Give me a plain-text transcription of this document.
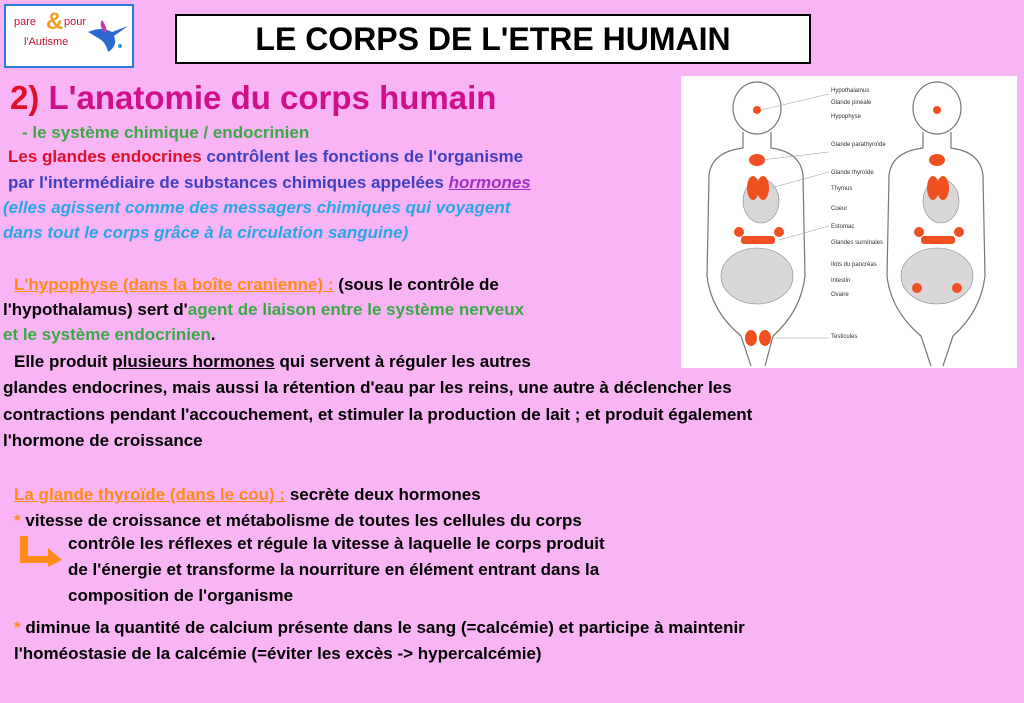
pare & pour
l'Autisme	LE CORPS DE L'ETRE HUMAIN
2) L'anatomie du corps humain
- le système chimique / endocrinien
Les glandes endocrines contrôlent les fonctions de l'organisme
par l'intermédiaire de substances chimiques appelées hormones
(elles agissent comme des messagers chimiques qui voyagent
dans tout le corps grâce à la circulation sanguine)
L'hypophyse (dans la boîte cranienne) : (sous le contrôle de
l'hypothalamus) sert d'agent de liaison entre le système nerveux
et le système endocrinien.
Elle produit plusieurs hormones qui servent à réguler les autres
glandes endocrines, mais aussi la rétention d'eau par les reins, une autre à déclencher les
contractions pendant l'accouchement, et stimuler la production de lait ; et produit également
l'hormone de croissance
La glande thyroïde (dans le cou) : secrète deux hormones
* vitesse de croissance et métabolisme de toutes les cellules du corps
contrôle les réflexes et régule la vitesse à laquelle le corps produit
de l'énergie et transforme la nourriture en élément entrant dans la
composition de l'organisme
* diminue la quantité de calcium présente dans le sang (=calcémie) et participe à maintenir
l'homéostasie de la calcémie (=éviter les excès -> hypercalcémie)
Hypothalamus
Glande pinéale
Hypophyse
Glande parathyroïde
Glande thyroïde
Thymus
Coeur
Estomac
Glandes surrénales
Ilots du pancréas
Intestin
Ovaire
Testicules
